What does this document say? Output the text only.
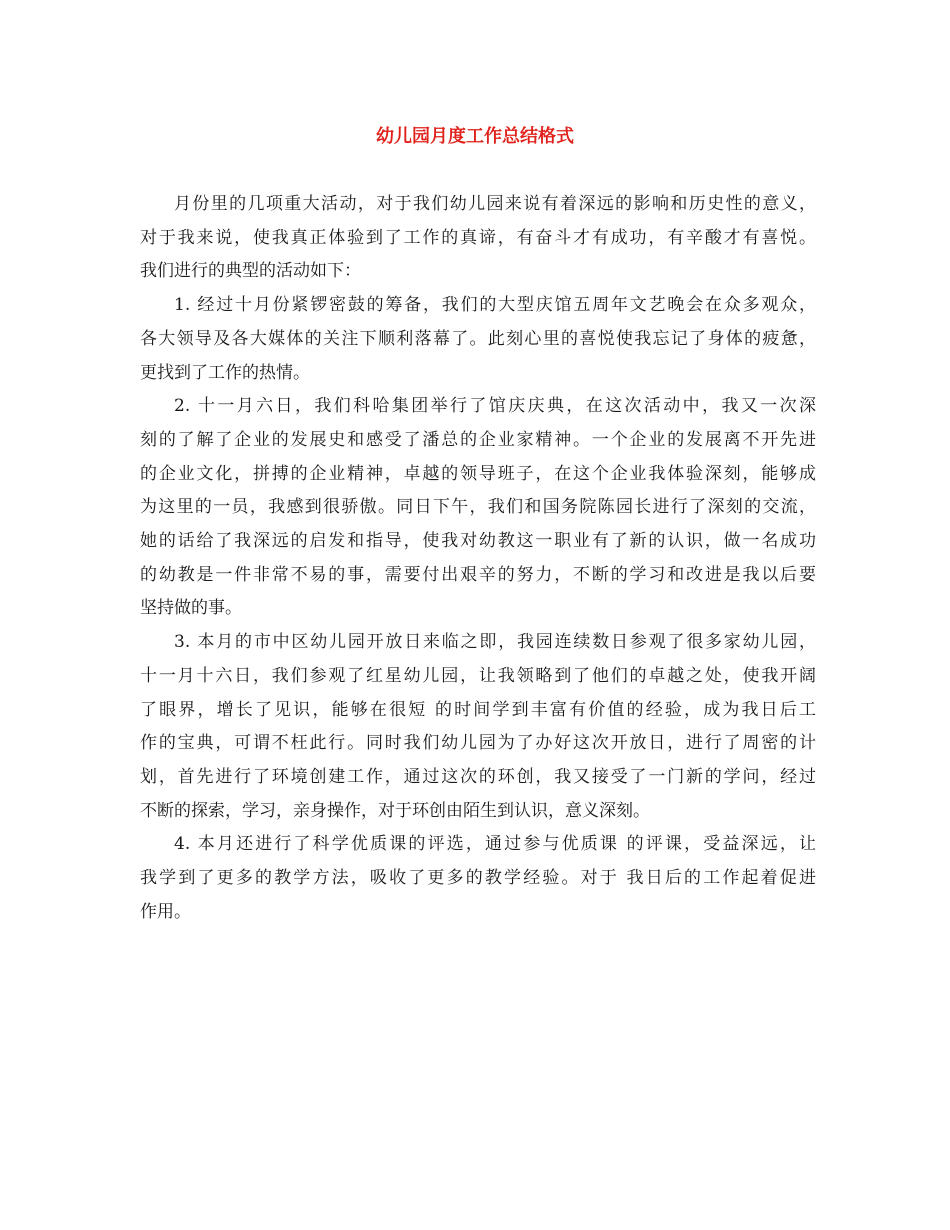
幼儿园月度工作总结格式
月份里的几项重大活动，对于我们幼儿园来说有着深远的影响和历史性的意义，
对于我来说，使我真正体验到了工作的真谛，有奋斗才有成功，有辛酸才有喜悦。
我们进行的典型的活动如下：
1. 经过十月份紧锣密鼓的筹备，我们的大型庆馆五周年文艺晚会在众多观众，
各大领导及各大媒体的关注下顺利落幕了。此刻心里的喜悦使我忘记了身体的疲惫，
更找到了工作的热情。
2. 十一月六日，我们科哈集团举行了馆庆庆典，在这次活动中，我又一次深
刻的了解了企业的发展史和感受了潘总的企业家精神。一个企业的发展离不开先进
的企业文化，拼搏的企业精神，卓越的领导班子，在这个企业我体验深刻，能够成
为这里的一员，我感到很骄傲。同日下午，我们和国务院陈园长进行了深刻的交流，
她的话给了我深远的启发和指导，使我对幼教这一职业有了新的认识，做一名成功
的幼教是一件非常不易的事，需要付出艰辛的努力，不断的学习和改进是我以后要
坚持做的事。
3. 本月的市中区幼儿园开放日来临之即，我园连续数日参观了很多家幼儿园，
十一月十六日，我们参观了红星幼儿园，让我领略到了他们的卓越之处，使我开阔
了眼界，增长了见识，能够在很短 的时间学到丰富有价值的经验，成为我日后工
作的宝典，可谓不枉此行。同时我们幼儿园为了办好这次开放日，进行了周密的计
划，首先进行了环境创建工作，通过这次的环创，我又接受了一门新的学问，经过
不断的探索，学习，亲身操作，对于环创由陌生到认识，意义深刻。
4. 本月还进行了科学优质课的评选，通过参与优质课 的评课，受益深远，让
我学到了更多的教学方法，吸收了更多的教学经验。对于 我日后的工作起着促进
作用。
